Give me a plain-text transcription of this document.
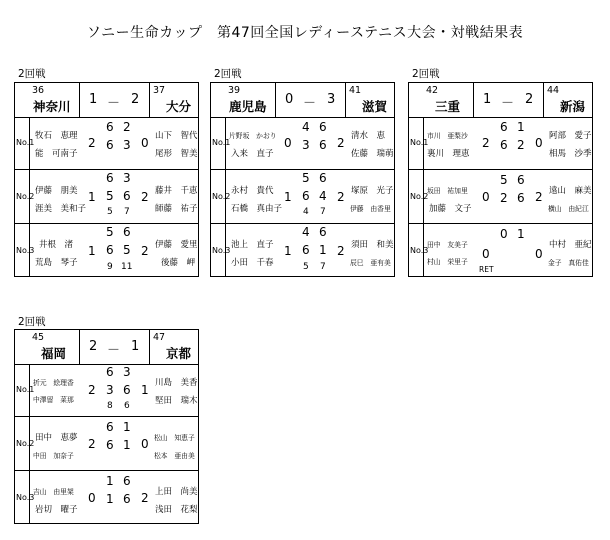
ソニー生命カップ　第47回全国レディーステニス大会・対戦結果表
2回戦
36
神奈川 1 － 2
37
大分
No.1
牧石　恵理
能　可南子
2
6
6
2
3 0 山下　智代
尾形　智美
No.2
伊藤　朋美
涯美　美和子
1
6
5
3
6
5 7
2 藤井　千恵
師藤　祐子
No.3
井根　渚
荒島　琴子
1
5
6
6
5
9 11
2 伊藤　愛里
後藤　岬
2回戦
39
鹿児島 0 － 3
41
滋賀
No.1
片野坂　かおり
入来　直子
0
4
3
6
6 2 清水　恵
佐藤　瑞萌
No.2
永村　貴代
石橋　真由子
1
5
6
6
4
4 7
2 塚原　光子
伊藤　由香里
No.3
池上　直子
小田　千春
1
4
6
6
1
5 7
2 須田　和美
辰巳　亜有美
2回戦
42
三重 1 － 2
44
新潟
No.1
市川　亜梨沙
裏川　理恵
2
6
6
1
2 0 阿部　愛子
相馬　沙季
No.2
坂田　祐加里
加藤　文子
0
5
2
6
6 2 遠山　麻美
横山　由紀江
No.3
田中　友美子
村山　栄里子
0
RET
0 1
0
中村　亜紀
金子　真佑佳
2回戦
45
福岡 2 － 1
47
京都
No.1
折元　絵理香
中澤留　菜那
2
6
3
3
6
8 6
1 川島　美香
堅田　瑞木
No.2
田中　恵夢
中田　加奈子
2
6
6
1
1 0 松山　知恵子
松本　亜由美
No.3
吉山　由里架
岩切　曜子
0
1
1
6
6 2 上田　尚美
浅田　花梨
